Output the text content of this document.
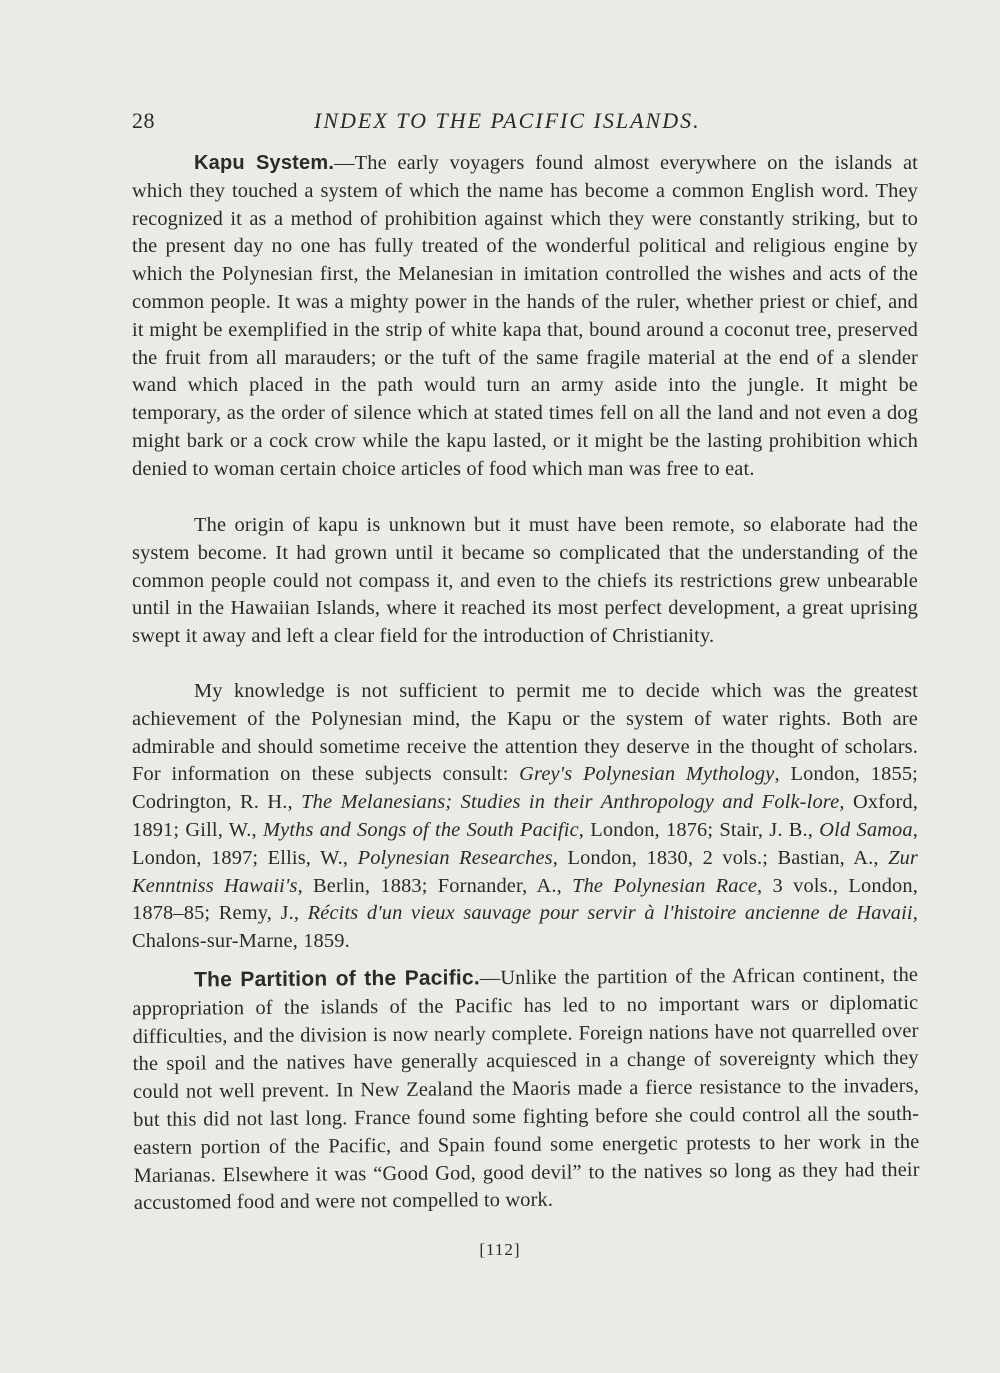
28	INDEX TO THE PACIFIC ISLANDS.

Kapu System.—The early voyagers found almost everywhere on the islands at which they touched a system of which the name has become a common English word. They recognized it as a method of prohibition against which they were constantly striking, but to the present day no one has fully treated of the wonderful political and religious engine by which the Polynesian first, the Melanesian in imitation controlled the wishes and acts of the common people. It was a mighty power in the hands of the ruler, whether priest or chief, and it might be exemplified in the strip of white kapa that, bound around a coconut tree, preserved the fruit from all marauders; or the tuft of the same fragile material at the end of a slender wand which placed in the path would turn an army aside into the jungle. It might be temporary, as the order of silence which at stated times fell on all the land and not even a dog might bark or a cock crow while the kapu lasted, or it might be the lasting prohibition which denied to woman certain choice articles of food which man was free to eat.

The origin of kapu is unknown but it must have been remote, so elaborate had the system become. It had grown until it became so complicated that the understanding of the common people could not compass it, and even to the chiefs its restrictions grew unbearable until in the Hawaiian Islands, where it reached its most perfect development, a great uprising swept it away and left a clear field for the introduction of Christianity.

My knowledge is not sufficient to permit me to decide which was the greatest achievement of the Polynesian mind, the Kapu or the system of water rights. Both are admirable and should sometime receive the attention they deserve in the thought of scholars. For information on these subjects consult: Grey's Polynesian Mythology, London, 1855; Codrington, R. H., The Melanesians; Studies in their Anthropology and Folk-lore, Oxford, 1891; Gill, W., Myths and Songs of the South Pacific, London, 1876; Stair, J. B., Old Samoa, London, 1897; Ellis, W., Polynesian Researches, London, 1830, 2 vols.; Bastian, A., Zur Kenntniss Hawaii's, Berlin, 1883; Fornander, A., The Polynesian Race, 3 vols., London, 1878–85; Remy, J., Récits d'un vieux sauvage pour servir à l'histoire ancienne de Havaii, Chalons-sur-Marne, 1859.

The Partition of the Pacific.—Unlike the partition of the African continent, the appropriation of the islands of the Pacific has led to no important wars or diplomatic difficulties, and the division is now nearly complete. Foreign nations have not quarrelled over the spoil and the natives have generally acquiesced in a change of sovereignty which they could not well prevent. In New Zealand the Maoris made a fierce resistance to the invaders, but this did not last long. France found some fighting before she could control all the south-eastern portion of the Pacific, and Spain found some energetic protests to her work in the Marianas. Elsewhere it was “Good God, good devil” to the natives so long as they had their accustomed food and were not compelled to work.

[112]
